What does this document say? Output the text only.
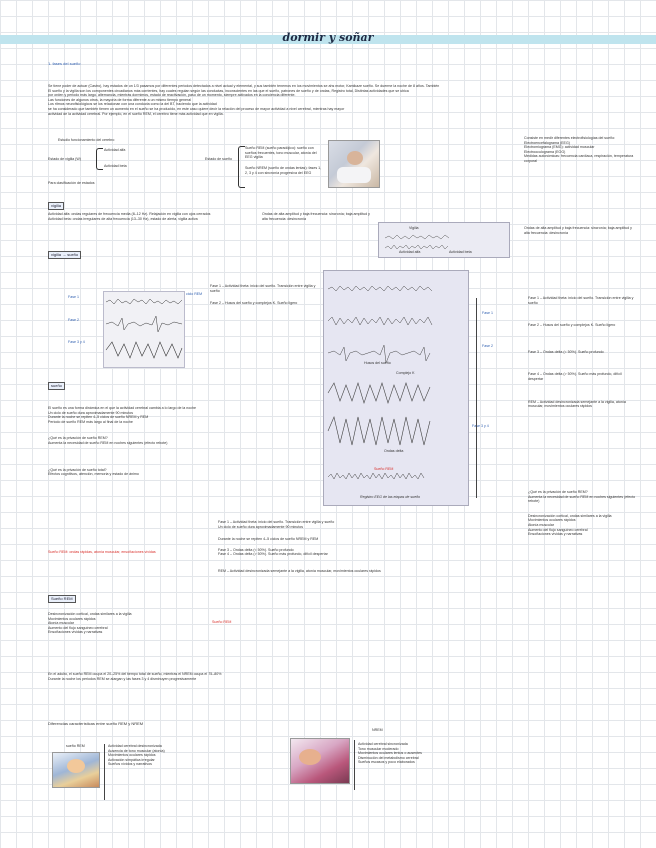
dormir y soñar
1. fases del sueño
Se tiene poder de actuar (Castro), hay estados de un 1/3 pasamos por diferentes periodos detectados a nivel actual y elemental, y sus también tenemos en los movimientos se ahs motor, Kamikaze sueño. Se duerme la noche de 8 años. También
El sueño y la vigilia son los componentes circadianos más corrientes, hay cuales regulan según las conductas, inconscientes en las que el sueño, patrones de sueño y de ondas, Registro total, Distintas actividades que se ubica
por orden y periodo más largo, alternancia, mientras dormimos, estado de reactivación, paso de un momento, siempre activados en la conciencia diferente.
Las funciones de algunos otros, la mayoría de forma diferente a un mismo tiempo general
Los ritmos neurofisiológicos se los relacionan con una conducta como la del BT, haciendo que la actividad
se ha considerado que también tienen un aumento en el sueño se ha producido, en este caso quiere decir la relación del proceso de mayor actividad a nivel cerebral, mientras hay mayor
actividad de la actividad cerebral. Por ejemplo, en el sueño REM, el cerebro tiene más actividad que en vigilia.
Estudio funcionamiento del cerebro
Estado de vigilia (W)
Actividad alfa
Actividad beta
Estado de sueño
Sueño REM (sueño paradójico): sueño con sueños frecuentes, tono muscular, atonía del EEG vigilia
Sueño NREM (sueño de ondas lentas): fases 1, 2, 3 y 4 con sincronía progresiva del EEG
Para clasificación de estados
Consiste en medir diferentes electrofisiologías del sueño:
Electroencefalograma (EEG)
Electromiograma (EMG): actividad muscular
Electrooculograma (EOG)
Medidas autonómicas: frecuencia cardíaca, respiración, temperatura corporal
vigilia
Actividad alfa: ondas regulares de frecuencia media (8–12 Hz). Relajación en vigilia con ojos cerrados
Actividad beta: ondas irregulares de alta frecuencia (13–30 Hz), estado de alerta, vigilia activa
Ondas de alta amplitud y baja frecuencia: sincronía; baja amplitud y alta frecuencia: desincronía
Vigilia
Actividad alfa	Actividad beta
Ondas de alta amplitud y baja frecuencia: sincronía; baja amplitud y alta frecuencia: desincronía
vigilia → sueño
Fase 1
Fase 2
Fase 3 y 4
ciclo REM
Fase 1 – Actividad theta: inicio del sueño. Transición entre vigilia y sueño
Fase 2 – Husos del sueño y complejos K. Sueño ligero
Husos del sueño
Complejo K
Ondas delta
Sueño REM
Registro EEG de las etapas de sueño
Fase 1
Fase 2
Fase 3 y 4
Fase 1 – Actividad theta: inicio del sueño. Transición entre vigilia y sueño
Fase 2 – Husos del sueño y complejos K. Sueño ligero
Fase 3 – Ondas delta (< 50%). Sueño profundo
Fase 4 – Ondas delta (> 50%). Sueño más profundo, difícil despertar
REM – Actividad desincronizada semejante a la vigilia, atonía muscular, movimientos oculares rápidos
sueño
El sueño es una forma dinámica en el que la actividad cerebral cambia a lo largo de la noche
Un ciclo de sueño dura aproximadamente 90 minutos
Durante la noche se repiten 4–5 ciclos de sueño NREM y REM
Periodo de sueño REM más largo al final de la noche
¿Qué es la privación de sueño REM?
Aumenta la necesidad de sueño REM en noches siguientes (efecto rebote)
¿Qué es la privación de sueño total?
Efectos cognitivos, atención, memoria y estado de ánimo
Sueño REM: ondas rápidas, atonía muscular, ensoñaciones vívidas
Fase 1 – Actividad theta: inicio del sueño. Transición entre vigilia y sueño
Un ciclo de sueño dura aproximadamente 90 minutos
Durante la noche se repiten 4–5 ciclos de sueño NREM y REM
Fase 3 – Ondas delta (< 50%). Sueño profundo
Fase 4 – Ondas delta (> 50%). Sueño más profundo, difícil despertar
REM – Actividad desincronizada semejante a la vigilia, atonía muscular, movimientos oculares rápidos
Sueño REM
¿Qué es la privación de sueño REM?
Aumenta la necesidad de sueño REM en noches siguientes (efecto rebote)
Desincronización cortical, ondas similares a la vigilia
Movimientos oculares rápidos
Atonía muscular
Aumento del flujo sanguíneo cerebral
Ensoñaciones vívidas y narrativas
Sueño REM
Desincronización cortical, ondas similares a la vigilia
Movimientos oculares rápidos
Atonía muscular
Aumento del flujo sanguíneo cerebral
Ensoñaciones vívidas y narrativas
En el adulto, el sueño REM ocupa el 20–25% del tiempo total de sueño, mientras el NREM ocupa el 75–80%
Durante la noche los periodos REM se alargan y las fases 3 y 4 disminuyen progresivamente
Diferencias características entre sueño REM y NREM
sueño REM
NREM
Actividad cerebral desincronizada
Ausencia de tono muscular (atonía)
Movimientos oculares rápidos
Activación simpática irregular
Sueños vívidos y narrativos
Actividad cerebral sincronizada
Tono muscular moderado
Movimientos oculares lentos o ausentes
Disminución del metabolismo cerebral
Sueños escasos y poco elaborados
